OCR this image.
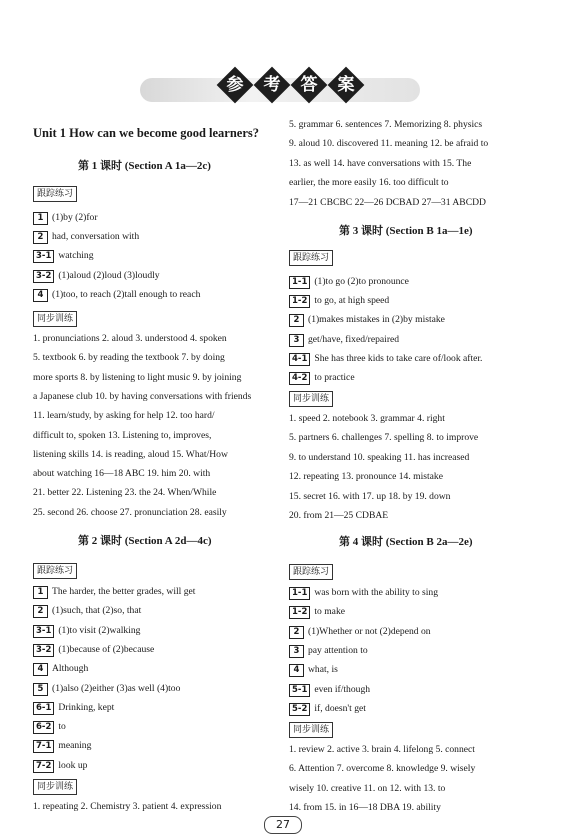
参 考 答 案
Unit 1 How can we become good learners?
第 1 课时 (Section A 1a—2c)
跟踪练习
1 (1)by (2)for
2 had, conversation with
3-1 watching
3-2 (1)aloud (2)loud (3)loudly
4 (1)too, to reach (2)tall enough to reach
同步训练
1. pronunciations 2. aloud 3. understood 4. spoken
5. textbook 6. by reading the textbook 7. by doing
more sports 8. by listening to light music 9. by joining
a Japanese club 10. by having conversations with friends
11. learn/study, by asking for help 12. too hard/
difficult to, spoken 13. Listening to, improves,
listening skills 14. is reading, aloud 15. What/How
about watching 16—18 ABC 19. him 20. with
21. better 22. Listening 23. the 24. When/While
25. second 26. choose 27. pronunciation 28. easily
第 2 课时 (Section A 2d—4c)
跟踪练习
1 The harder, the better grades, will get
2 (1)such, that (2)so, that
3-1 (1)to visit (2)walking
3-2 (1)because of (2)because
4 Although
5 (1)also (2)either (3)as well (4)too
6-1 Drinking, kept
6-2 to
7-1 meaning
7-2 look up
同步训练
1. repeating 2. Chemistry 3. patient 4. expression
5. grammar 6. sentences 7. Memorizing 8. physics
9. aloud 10. discovered 11. meaning 12. be afraid to
13. as well 14. have conversations with 15. The
earlier, the more easily 16. too difficult to
17—21 CBCBC 22—26 DCBAD 27—31 ABCDD
第 3 课时 (Section B 1a—1e)
跟踪练习
1-1 (1)to go (2)to pronounce
1-2 to go, at high speed
2 (1)makes mistakes in (2)by mistake
3 get/have, fixed/repaired
4-1 She has three kids to take care of/look after.
4-2 to practice
同步训练
1. speed 2. notebook 3. grammar 4. right
5. partners 6. challenges 7. spelling 8. to improve
9. to understand 10. speaking 11. has increased
12. repeating 13. pronounce 14. mistake
15. secret 16. with 17. up 18. by 19. down
20. from 21—25 CDBAE
第 4 课时 (Section B 2a—2e)
跟踪练习
1-1 was born with the ability to sing
1-2 to make
2 (1)Whether or not (2)depend on
3 pay attention to
4 what, is
5-1 even if/though
5-2 if, doesn't get
同步训练
1. review 2. active 3. brain 4. lifelong 5. connect
6. Attention 7. overcome 8. knowledge 9. wisely
wisely 10. creative 11. on 12. with 13. to
14. from 15. in 16—18 DBA 19. ability
27
